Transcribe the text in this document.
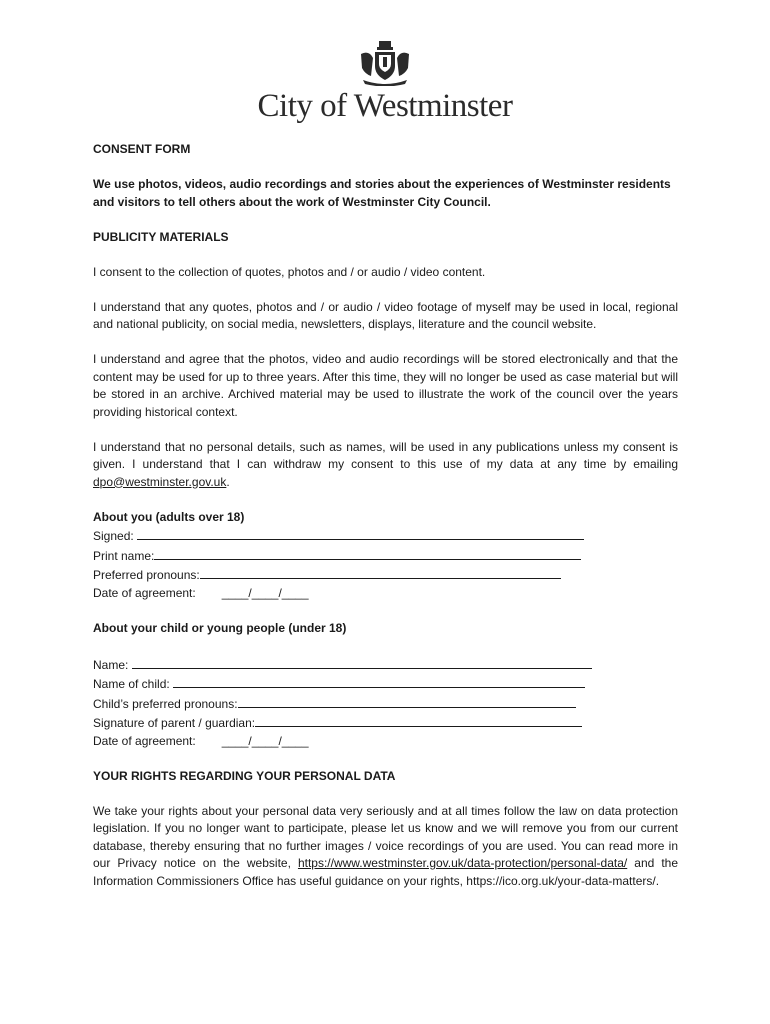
City of Westminster

CONSENT FORM

We use photos, videos, audio recordings and stories about the experiences of Westminster residents and visitors to tell others about the work of Westminster City Council.

PUBLICITY MATERIALS

I consent to the collection of quotes, photos and / or audio / video content.

I understand that any quotes, photos and / or audio / video footage of myself may be used in local, regional and national publicity, on social media, newsletters, displays, literature and the council website.

I understand and agree that the photos, video and audio recordings will be stored electronically and that the content may be used for up to three years. After this time, they will no longer be used as case material but will be stored in an archive. Archived material may be used to illustrate the work of the council over the years providing historical context.

I understand that no personal details, such as names, will be used in any publications unless my consent is given. I understand that I can withdraw my consent to this use of my data at any time by emailing dpo@westminster.gov.uk.

About you (adults over 18)

Signed:

Print name:

Preferred pronouns:

Date of agreement: ____/____/____

About your child or young people (under 18)

Name:

Name of child:

Child’s preferred pronouns:

Signature of parent / guardian:

Date of agreement: ____/____/____

YOUR RIGHTS REGARDING YOUR PERSONAL DATA

We take your rights about your personal data very seriously and at all times follow the law on data protection legislation. If you no longer want to participate, please let us know and we will remove you from our current database, thereby ensuring that no further images / voice recordings of you are used. You can read more in our Privacy notice on the website, https://www.westminster.gov.uk/data-protection/personal-data/ and the Information Commissioners Office has useful guidance on your rights, https://ico.org.uk/your-data-matters/.
